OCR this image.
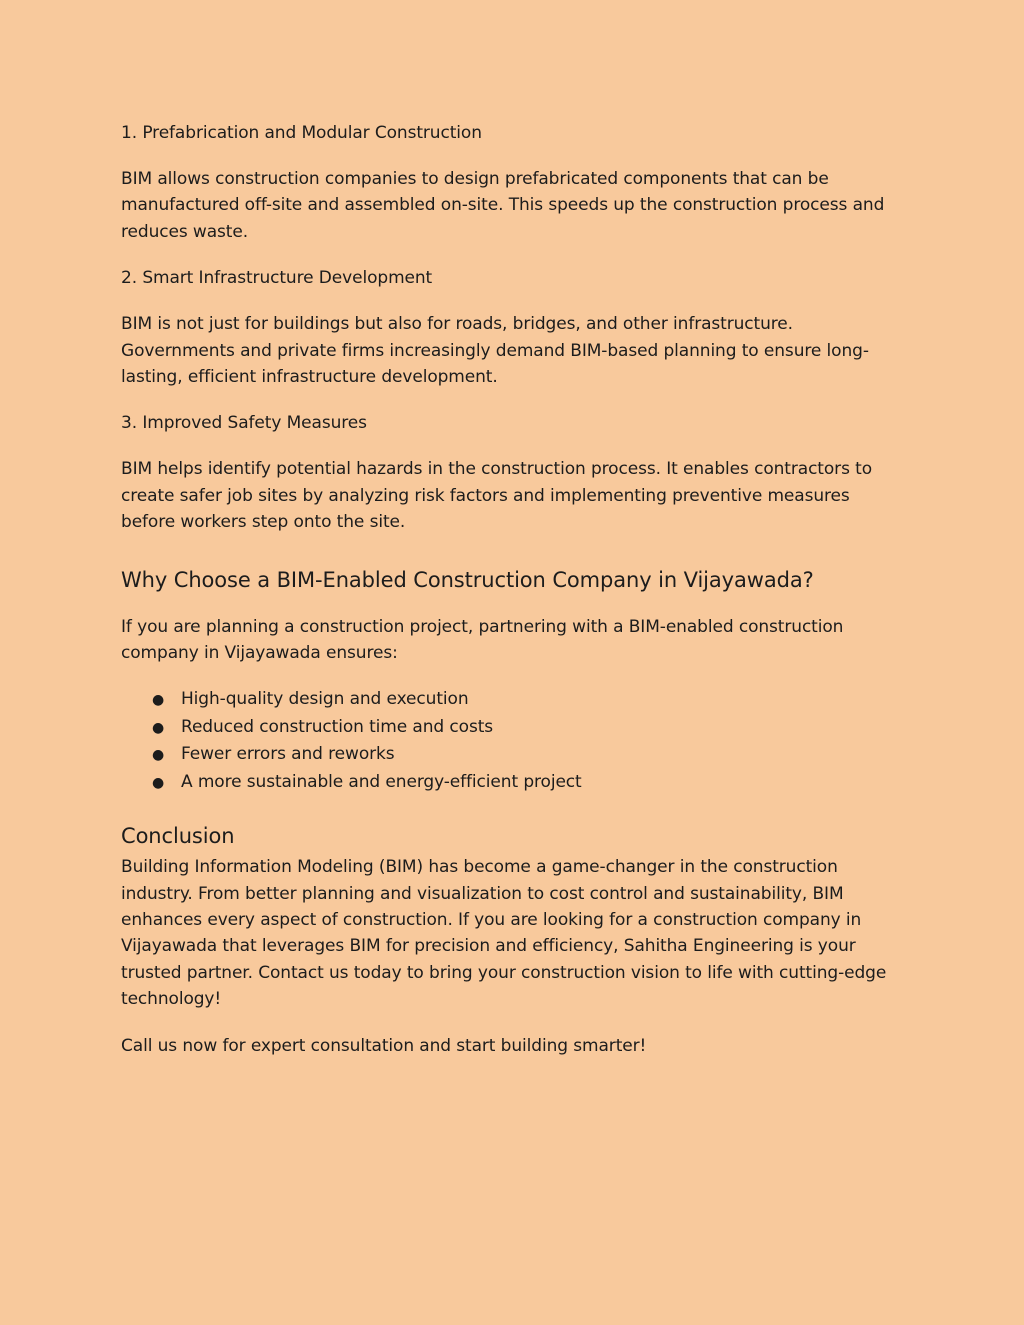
1. Prefabrication and Modular Construction

BIM allows construction companies to design prefabricated components that can be manufactured off-site and assembled on-site. This speeds up the construction process and reduces waste.

2. Smart Infrastructure Development

BIM is not just for buildings but also for roads, bridges, and other infrastructure. Governments and private firms increasingly demand BIM-based planning to ensure long-lasting, efficient infrastructure development.

3. Improved Safety Measures

BIM helps identify potential hazards in the construction process. It enables contractors to create safer job sites by analyzing risk factors and implementing preventive measures before workers step onto the site.

Why Choose a BIM-Enabled Construction Company in Vijayawada?

If you are planning a construction project, partnering with a BIM-enabled construction company in Vijayawada ensures:

● High-quality design and execution
● Reduced construction time and costs
● Fewer errors and reworks
● A more sustainable and energy-efficient project
Conclusion

Building Information Modeling (BIM) has become a game-changer in the construction industry. From better planning and visualization to cost control and sustainability, BIM enhances every aspect of construction. If you are looking for a construction company in Vijayawada that leverages BIM for precision and efficiency, Sahitha Engineering is your trusted partner. Contact us today to bring your construction vision to life with cutting-edge technology!

Call us now for expert consultation and start building smarter!
